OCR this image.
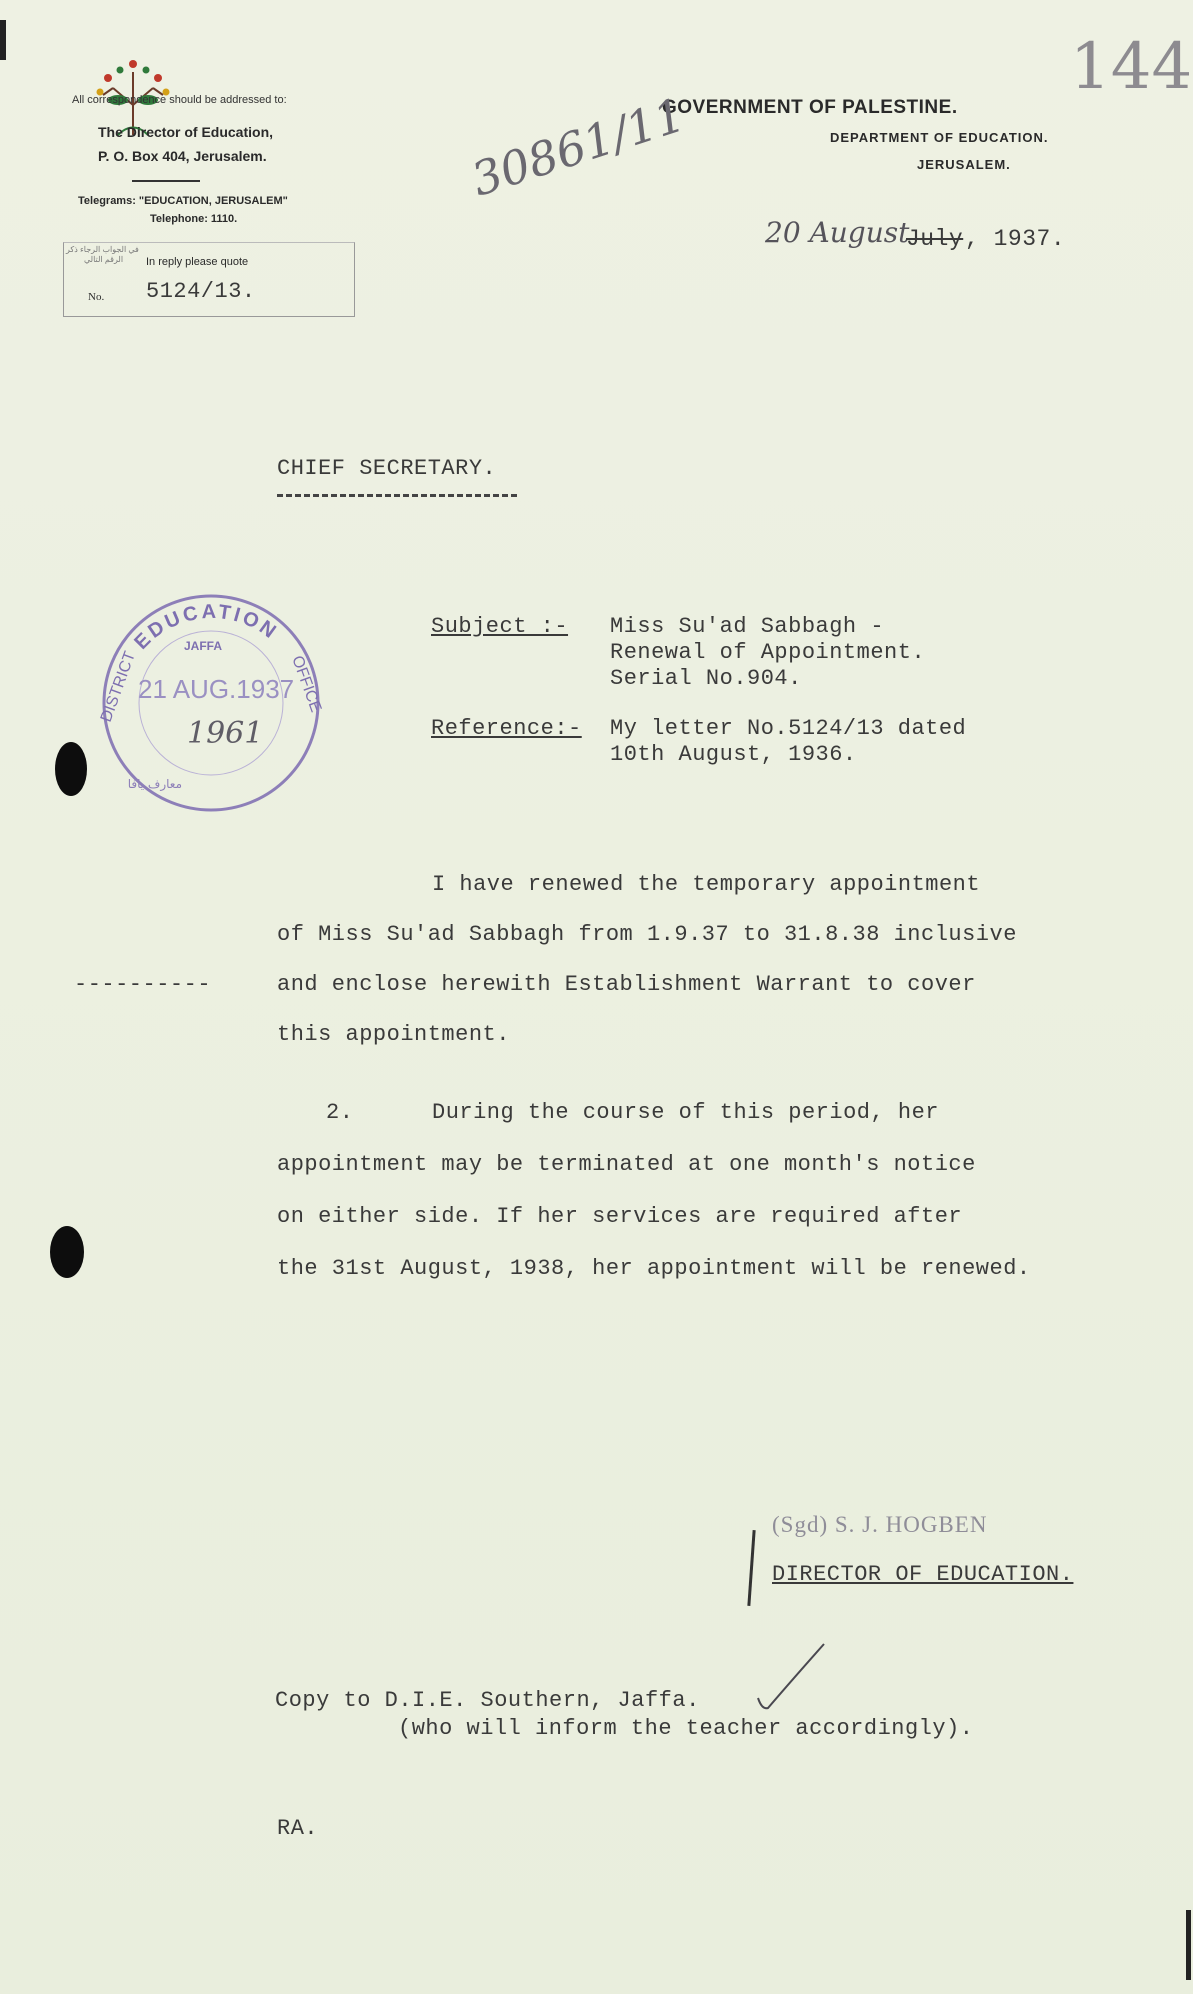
All correspondence should be addressed to:
The Director of Education,
P. O. Box 404, Jerusalem.
Telegrams: "EDUCATION, JERUSALEM"
Telephone: 1110.
في الجواب الرجاء ذكر
الرقم التالي In reply please quote
No. 5124/13.
GOVERNMENT OF PALESTINE.
DEPARTMENT OF EDUCATION.
JERUSALEM.
30861/11
144
20 August
July , 1937.
CHIEF SECRETARY.
EDUCATION
DISTRICT	OFFICE
JAFFA
21 AUG.1937
1961
معارف يافا
Subject :- Miss Su'ad Sabbagh -
Renewal of Appointment.
Serial No.904.
Reference:- My letter No.5124/13 dated
10th August, 1936.
I have renewed the temporary appointment
of Miss Su'ad Sabbagh from 1.9.37 to 31.8.38 inclusive
and enclose herewith Establishment Warrant to cover
this appointment.
----------
2.	During the course of this period, her
appointment may be terminated at one month's notice
on either side. If her services are required after
the 31st August, 1938, her appointment will be renewed.
(Sgd) S. J. HOGBEN
DIRECTOR OF EDUCATION.
Copy to D.I.E. Southern, Jaffa.
(who will inform the teacher accordingly).
RA.
